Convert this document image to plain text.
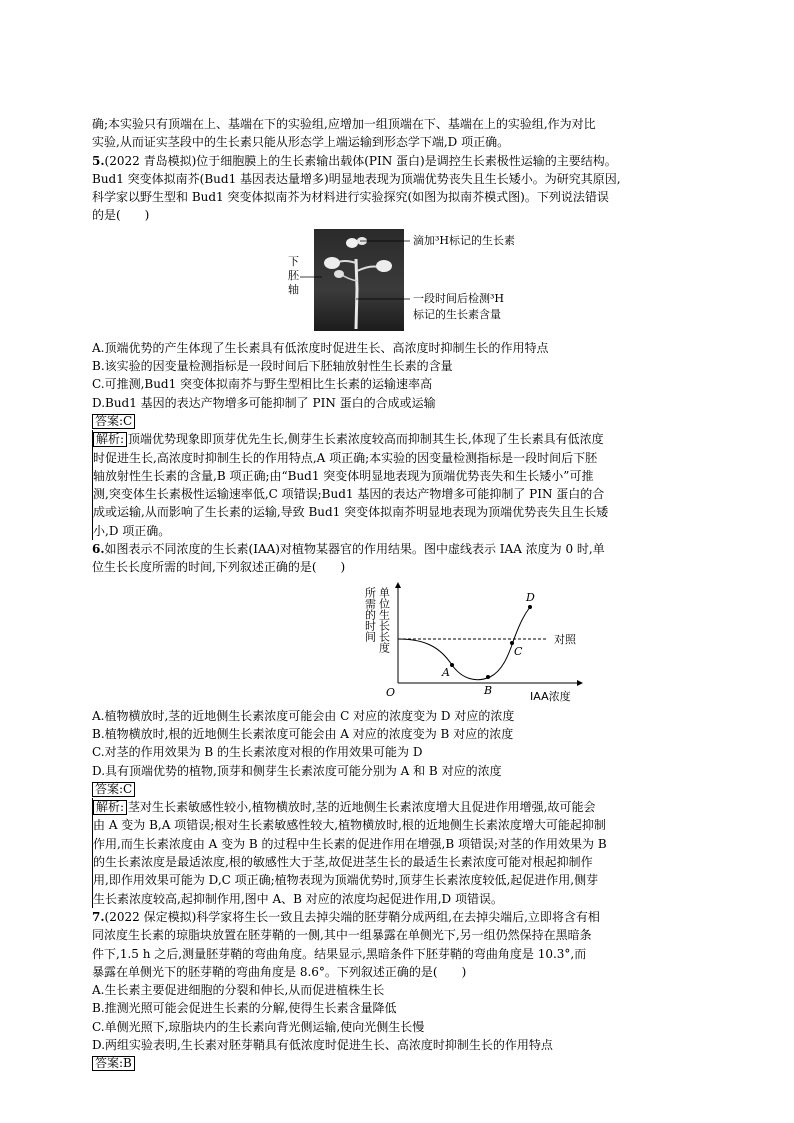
确;本实验只有顶端在上、基端在下的实验组,应增加一组顶端在下、基端在上的实验组,作为对比

实验,从而证实茎段中的生长素只能从形态学上端运输到形态学下端,D 项正确。

5.(2022 青岛模拟)位于细胞膜上的生长素输出载体(PIN 蛋白)是调控生长素极性运输的主要结构。

Bud1 突变体拟南芥(Bud1 基因表达量增多)明显地表现为顶端优势丧失且生长矮小。为研究其原因,

科学家以野生型和 Bud1 突变体拟南芥为材料进行实验探究(如图为拟南芥模式图)。下列说法错误

的是(　　)

滴加³H标记的生长素
下
胚
轴
一段时间后检测³H
标记的生长素含量

A.顶端优势的产生体现了生长素具有低浓度时促进生长、高浓度时抑制生长的作用特点

B.该实验的因变量检测指标是一段时间后下胚轴放射性生长素的含量

C.可推测,Bud1 突变体拟南芥与野生型相比生长素的运输速率高

D.Bud1 基因的表达产物增多可能抑制了 PIN 蛋白的合成或运输

答案:C

解析: 顶端优势现象即顶芽优先生长,侧芽生长素浓度较高而抑制其生长,体现了生长素具有低浓度

时促进生长,高浓度时抑制生长的作用特点,A 项正确;本实验的因变量检测指标是一段时间后下胚

轴放射性生长素的含量,B 项正确;由“Bud1 突变体明显地表现为顶端优势丧失和生长矮小”可推

测,突变体生长素极性运输速率低,C 项错误;Bud1 基因的表达产物增多可能抑制了 PIN 蛋白的合

成或运输,从而影响了生长素的运输,导致 Bud1 突变体拟南芥明显地表现为顶端优势丧失且生长矮

小,D 项正确。

6.如图表示不同浓度的生长素(IAA)对植物某器官的作用结果。图中虚线表示 IAA 浓度为 0 时,单

位生长长度所需的时间,下列叙述正确的是(　　)

单位生长长度
所需的时间
O
A
B
C
D
对照
IAA浓度

A.植物横放时,茎的近地侧生长素浓度可能会由 C 对应的浓度变为 D 对应的浓度

B.植物横放时,根的近地侧生长素浓度可能会由 A 对应的浓度变为 B 对应的浓度

C.对茎的作用效果为 B 的生长素浓度对根的作用效果可能为 D

D.具有顶端优势的植物,顶芽和侧芽生长素浓度可能分别为 A 和 B 对应的浓度

答案:C

解析: 茎对生长素敏感性较小,植物横放时,茎的近地侧生长素浓度增大且促进作用增强,故可能会

由 A 变为 B,A 项错误;根对生长素敏感性较大,植物横放时,根的近地侧生长素浓度增大可能起抑制

作用,而生长素浓度由 A 变为 B 的过程中生长素的促进作用在增强,B 项错误;对茎的作用效果为 B

的生长素浓度是最适浓度,根的敏感性大于茎,故促进茎生长的最适生长素浓度可能对根起抑制作

用,即作用效果可能为 D,C 项正确;植物表现为顶端优势时,顶芽生长素浓度较低,起促进作用,侧芽

生长素浓度较高,起抑制作用,图中 A、B 对应的浓度均起促进作用,D 项错误。

7.(2022 保定模拟)科学家将生长一致且去掉尖端的胚芽鞘分成两组,在去掉尖端后,立即将含有相

同浓度生长素的琼脂块放置在胚芽鞘的一侧,其中一组暴露在单侧光下,另一组仍然保持在黑暗条

件下,1.5 h 之后,测量胚芽鞘的弯曲角度。结果显示,黑暗条件下胚芽鞘的弯曲角度是 10.3°,而

暴露在单侧光下的胚芽鞘的弯曲角度是 8.6°。下列叙述正确的是(　　)

A.生长素主要促进细胞的分裂和伸长,从而促进植株生长

B.推测光照可能会促进生长素的分解,使得生长素含量降低

C.单侧光照下,琼脂块内的生长素向背光侧运输,使向光侧生长慢

D.两组实验表明,生长素对胚芽鞘具有低浓度时促进生长、高浓度时抑制生长的作用特点

答案:B
